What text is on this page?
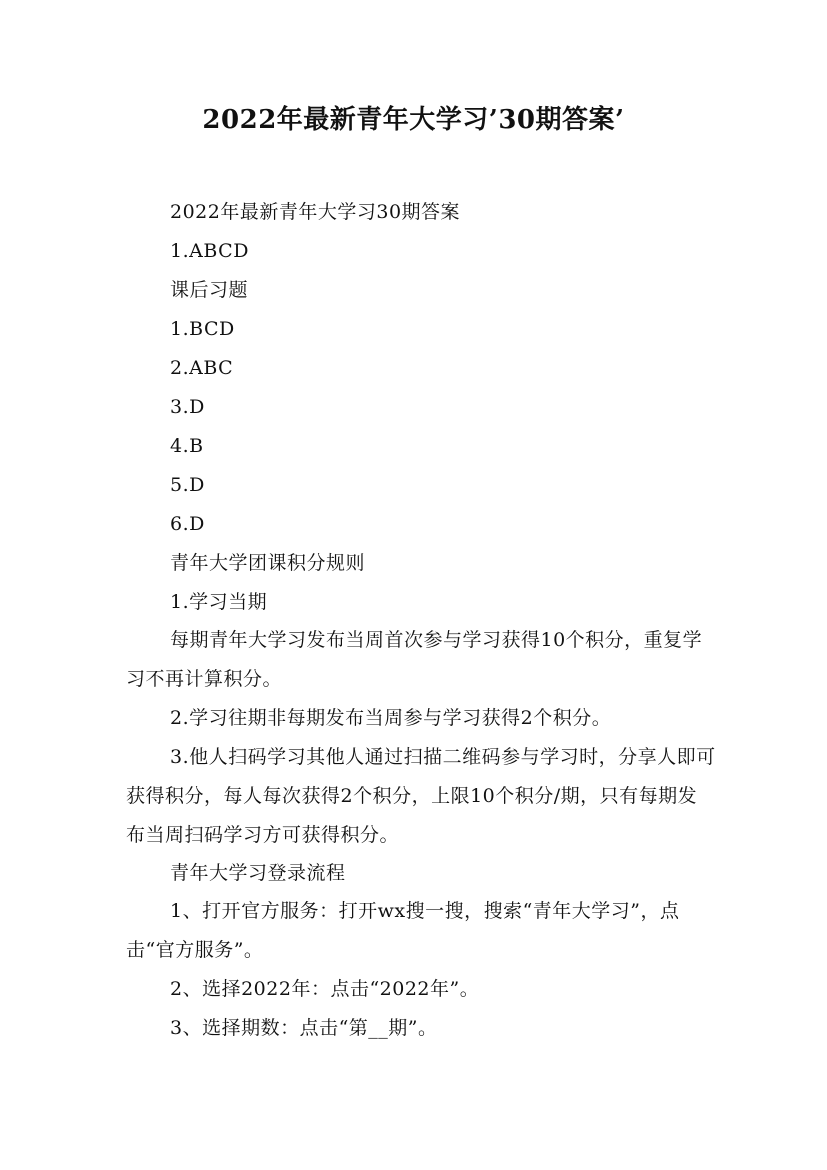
2022年最新青年大学习’30期答案’
2022年最新青年大学习30期答案
1.ABCD
课后习题
1.BCD
2.ABC
3.D
4.B
5.D
6.D
青年大学团课积分规则
1.学习当期
每期青年大学习发布当周首次参与学习获得10个积分，重复学习不再计算积分。
2.学习往期非每期发布当周参与学习获得2个积分。
3.他人扫码学习其他人通过扫描二维码参与学习时，分享人即可获得积分，每人每次获得2个积分，上限10个积分/期，只有每期发布当周扫码学习方可获得积分。
青年大学习登录流程
1、打开官方服务：打开wx搜一搜，搜索“青年大学习”，点击“官方服务”。
2、选择2022年：点击“2022年”。
3、选择期数：点击“第__期”。
